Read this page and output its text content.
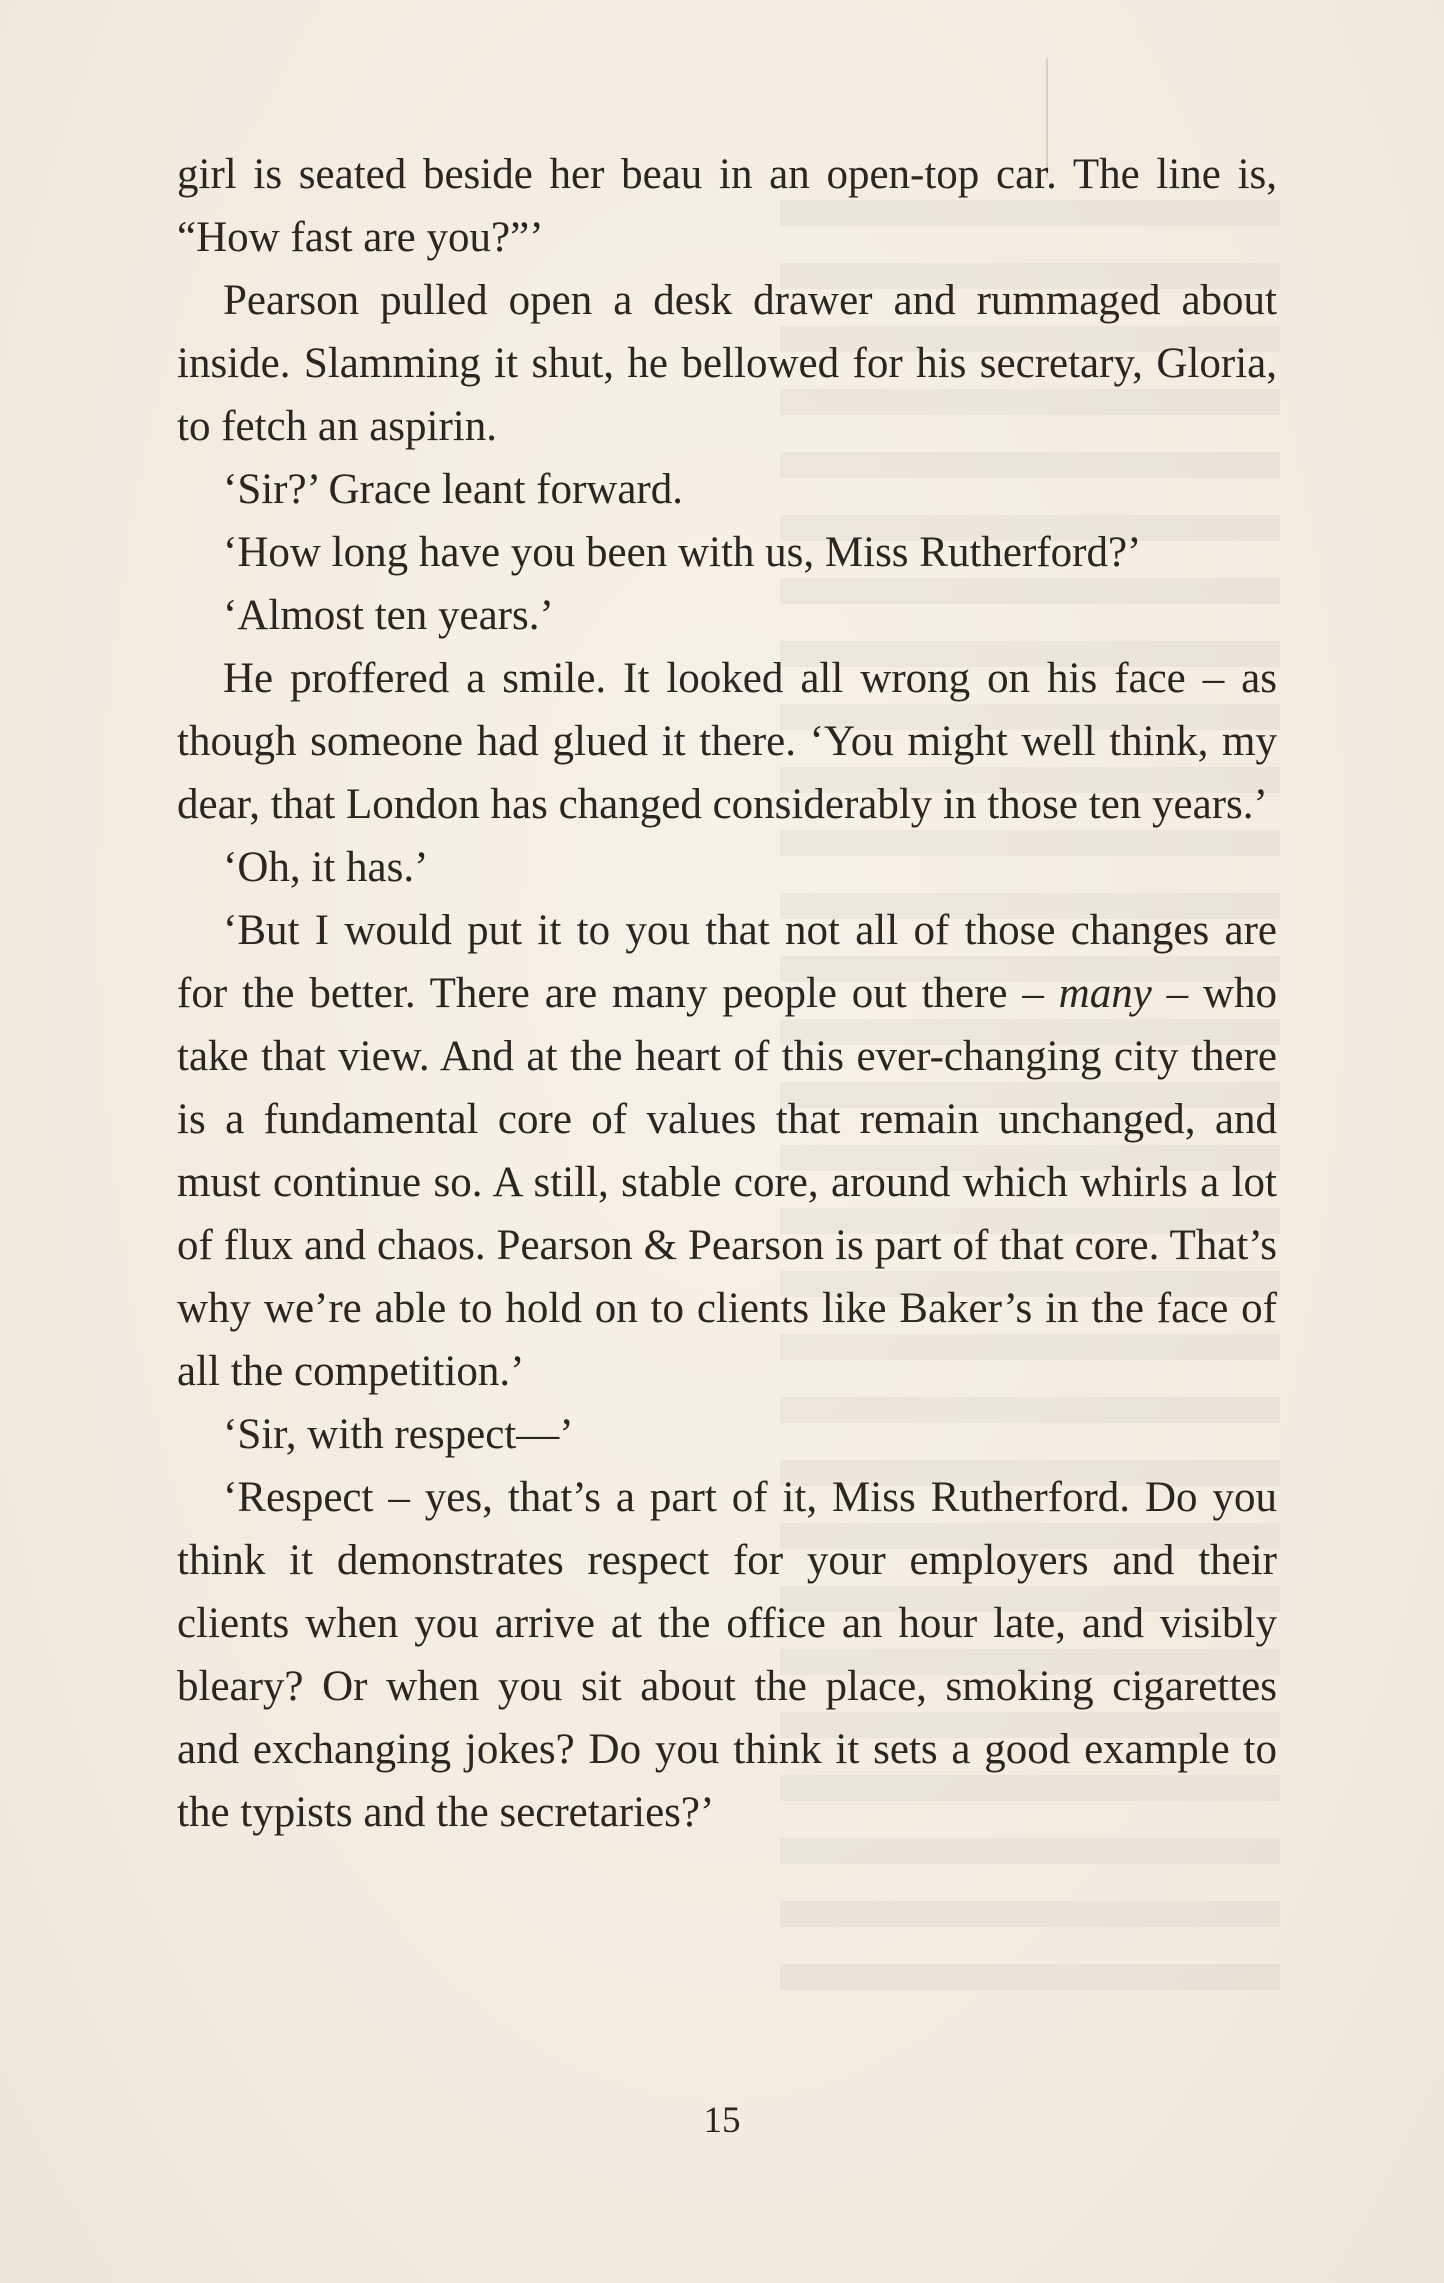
girl is seated beside her beau in an open-top car. The line is, “How fast are you?”’

Pearson pulled open a desk drawer and rummaged about inside. Slamming it shut, he bellowed for his secretary, Gloria, to fetch an aspirin.

‘Sir?’ Grace leant forward.

‘How long have you been with us, Miss Rutherford?’

‘Almost ten years.’

He proffered a smile. It looked all wrong on his face – as though someone had glued it there. ‘You might well think, my dear, that London has changed considerably in those ten years.’

‘Oh, it has.’

‘But I would put it to you that not all of those changes are for the better. There are many people out there – many – who take that view. And at the heart of this ever-changing city there is a fundamental core of values that remain unchanged, and must continue so. A still, stable core, around which whirls a lot of flux and chaos. Pearson & Pearson is part of that core. That’s why we’re able to hold on to clients like Baker’s in the face of all the competition.’

‘Sir, with respect—’

‘Respect – yes, that’s a part of it, Miss Rutherford. Do you think it demonstrates respect for your employers and their clients when you arrive at the office an hour late, and visibly bleary? Or when you sit about the place, smoking cigarettes and exchanging jokes? Do you think it sets a good example to the typists and the secretaries?’

15
